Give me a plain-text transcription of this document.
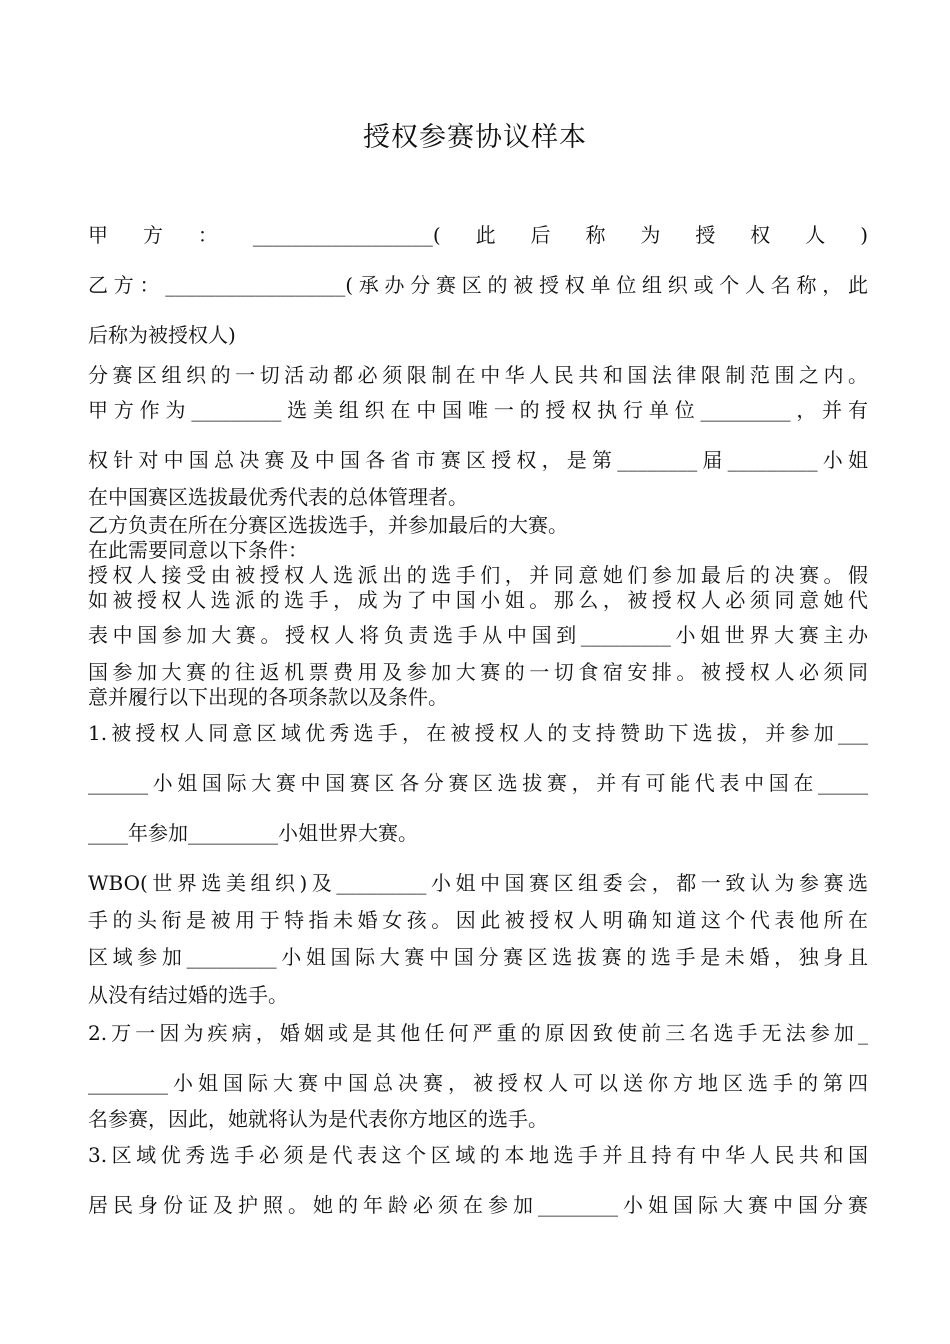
授权参赛协议样本
甲方：__________________(此后称为授权人)
乙方：__________________(承办分赛区的被授权单位组织或个人名称，此
后称为被授权人)
分赛区组织的一切活动都必须限制在中华人民共和国法律限制范围之内。
甲方作为_________选美组织在中国唯一的授权执行单位_________，并有
权针对中国总决赛及中国各省市赛区授权，是第________届_________小姐
在中国赛区选拔最优秀代表的总体管理者。
乙方负责在所在分赛区选拔选手，并参加最后的大赛。
在此需要同意以下条件：
授权人接受由被授权人选派出的选手们，并同意她们参加最后的决赛。假
如被授权人选派的选手，成为了中国小姐。那么，被授权人必须同意她代
表中国参加大赛。授权人将负责选手从中国到_________小姐世界大赛主办
国参加大赛的往返机票费用及参加大赛的一切食宿安排。被授权人必须同
意并履行以下出现的各项条款以及条件。
1.被授权人同意区域优秀选手，在被授权人的支持赞助下选拔，并参加___
______小姐国际大赛中国赛区各分赛区选拔赛，并有可能代表中国在_____
____年参加_________小姐世界大赛。
WBO(世界选美组织)及_________小姐中国赛区组委会，都一致认为参赛选
手的头衔是被用于特指未婚女孩。因此被授权人明确知道这个代表他所在
区域参加_________小姐国际大赛中国分赛区选拔赛的选手是未婚，独身且
从没有结过婚的选手。
2.万一因为疾病，婚姻或是其他任何严重的原因致使前三名选手无法参加_
________小姐国际大赛中国总决赛，被授权人可以送你方地区选手的第四
名参赛，因此，她就将认为是代表你方地区的选手。
3.区域优秀选手必须是代表这个区域的本地选手并且持有中华人民共和国
居民身份证及护照。她的年龄必须在参加________小姐国际大赛中国分赛
